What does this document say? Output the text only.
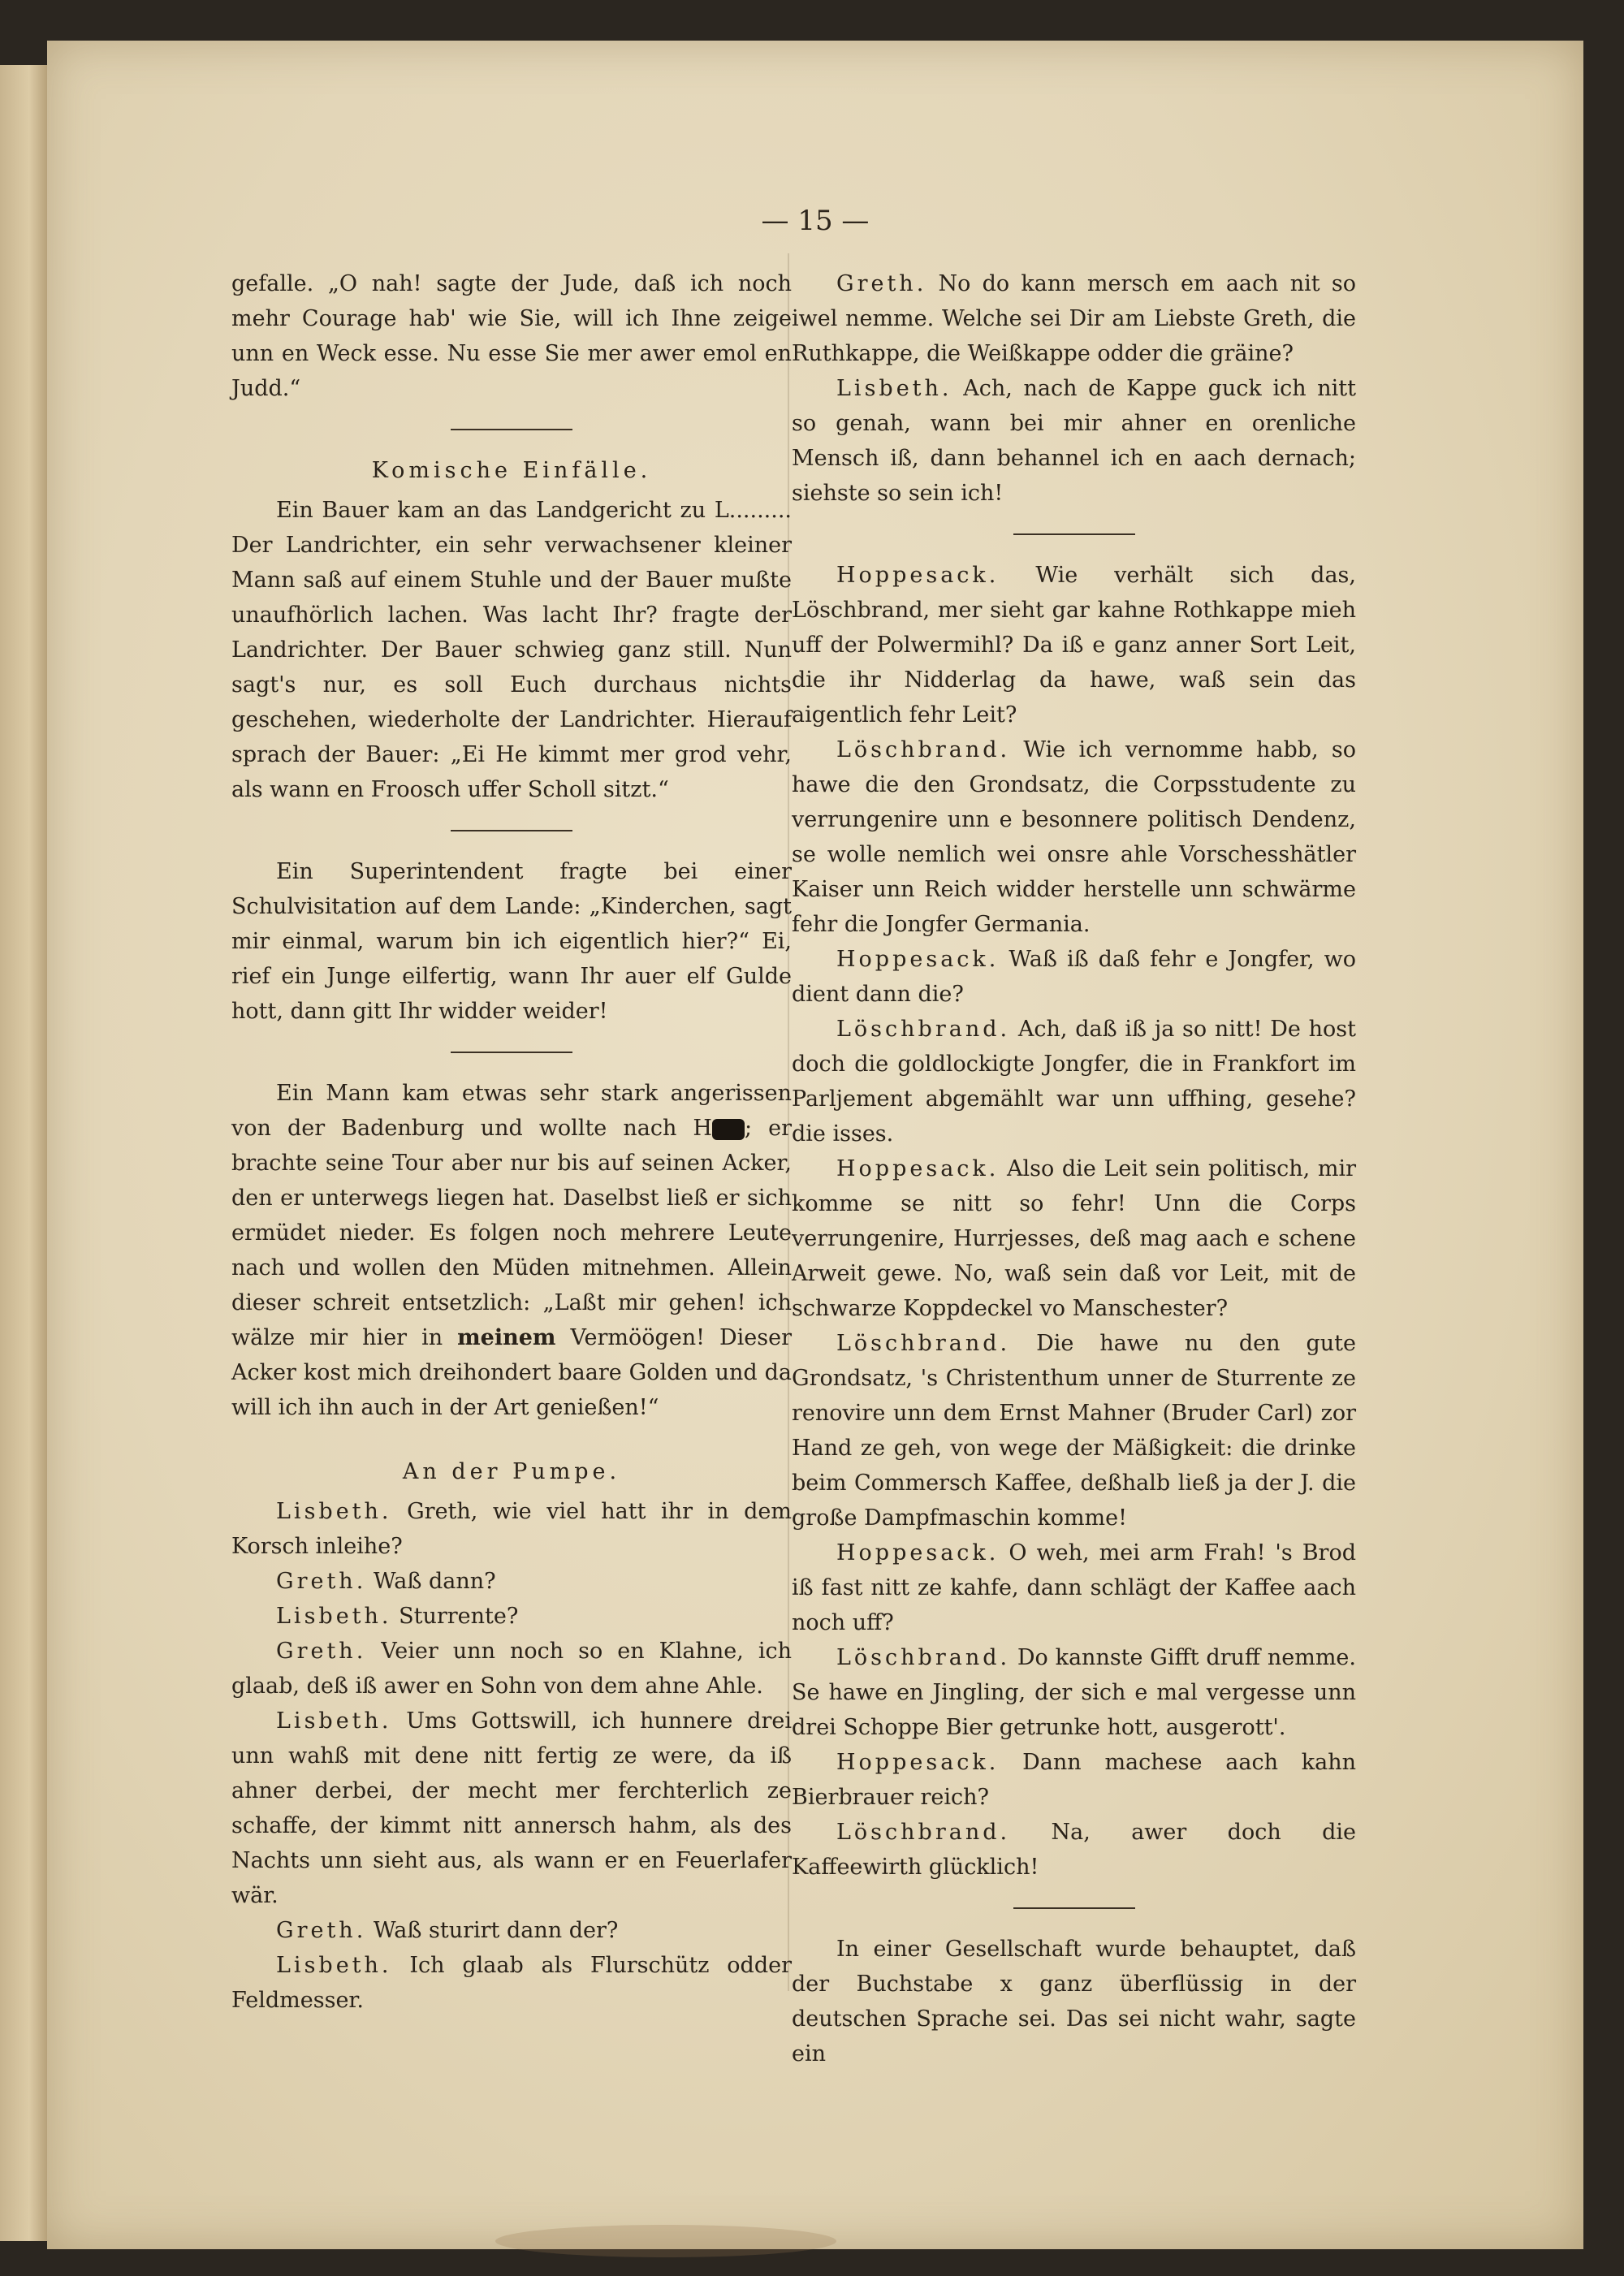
— 15 —

gefalle. „O nah! sagte der Jude, daß ich noch mehr Courage hab' wie Sie, will ich Ihne zeige unn en Weck esse. Nu esse Sie mer awer emol en Judd.“

Komische Einfälle.

Ein Bauer kam an das Landgericht zu L......... Der Landrichter, ein sehr verwachsener kleiner Mann saß auf einem Stuhle und der Bauer mußte unaufhörlich lachen. Was lacht Ihr? fragte der Landrichter. Der Bauer schwieg ganz still. Nun sagt's nur, es soll Euch durchaus nichts geschehen, wiederholte der Landrichter. Hierauf sprach der Bauer: „Ei He kimmt mer grod vehr, als wann en Froosch uffer Scholl sitzt.“

Ein Superintendent fragte bei einer Schulvisitation auf dem Lande: „Kinderchen, sagt mir einmal, warum bin ich eigentlich hier?“ Ei, rief ein Junge eilfertig, wann Ihr auer elf Gulde hott, dann gitt Ihr widder weider!

Ein Mann kam etwas sehr stark angerissen von der Badenburg und wollte nach H ; er brachte seine Tour aber nur bis auf seinen Acker, den er unterwegs liegen hat. Daselbst ließ er sich ermüdet nieder. Es folgen noch mehrere Leute nach und wollen den Müden mitnehmen. Allein dieser schreit entsetzlich: „Laßt mir gehen! ich wälze mir hier in meinem Vermöögen! Dieser Acker kost mich dreihondert baare Golden und da will ich ihn auch in der Art genießen!“

An der Pumpe.

Lisbeth. Greth, wie viel hatt ihr in dem Korsch inleihe?

Greth. Waß dann?

Lisbeth. Sturrente?

Greth. Veier unn noch so en Klahne, ich glaab, deß iß awer en Sohn von dem ahne Ahle.

Lisbeth. Ums Gottswill, ich hunnere drei unn wahß mit dene nitt fertig ze were, da iß ahner derbei, der mecht mer ferchterlich ze schaffe, der kimmt nitt annersch hahm, als des Nachts unn sieht aus, als wann er en Feuerlafer wär.

Greth. Waß sturirt dann der?

Lisbeth. Ich glaab als Flurschütz odder Feldmesser.

Greth. No do kann mersch em aach nit so iwel nemme. Welche sei Dir am Liebste Greth, die Ruthkappe, die Weißkappe odder die gräine?

Lisbeth. Ach, nach de Kappe guck ich nitt so genah, wann bei mir ahner en orenliche Mensch iß, dann behannel ich en aach dernach; siehste so sein ich!

Hoppesack. Wie verhält sich das, Löschbrand, mer sieht gar kahne Rothkappe mieh uff der Polwermihl? Da iß e ganz anner Sort Leit, die ihr Nidderlag da hawe, waß sein das aigentlich fehr Leit?

Löschbrand. Wie ich vernomme habb, so hawe die den Grondsatz, die Corpsstudente zu verrungenire unn e besonnere politisch Dendenz, se wolle nemlich wei onsre ahle Vorschesshätler Kaiser unn Reich widder herstelle unn schwärme fehr die Jongfer Germania.

Hoppesack. Waß iß daß fehr e Jongfer, wo dient dann die?

Löschbrand. Ach, daß iß ja so nitt! De host doch die goldlockigte Jongfer, die in Frankfort im Parljement abgemählt war unn uffhing, gesehe? die isses.

Hoppesack. Also die Leit sein politisch, mir komme se nitt so fehr! Unn die Corps verrungenire, Hurrjesses, deß mag aach e schene Arweit gewe. No, waß sein daß vor Leit, mit de schwarze Koppdeckel vo Manschester?

Löschbrand. Die hawe nu den gute Grondsatz, 's Christenthum unner de Sturrente ze renovire unn dem Ernst Mahner (Bruder Carl) zor Hand ze geh, von wege der Mäßigkeit: die drinke beim Commersch Kaffee, deßhalb ließ ja der J. die große Dampfmaschin komme!

Hoppesack. O weh, mei arm Frah! 's Brod iß fast nitt ze kahfe, dann schlägt der Kaffee aach noch uff?

Löschbrand. Do kannste Gifft druff nemme. Se hawe en Jingling, der sich e mal vergesse unn drei Schoppe Bier getrunke hott, ausgerott'.

Hoppesack. Dann machese aach kahn Bierbrauer reich?

Löschbrand. Na, awer doch die Kaffeewirth glücklich!

In einer Gesellschaft wurde behauptet, daß der Buchstabe x ganz überflüssig in der deutschen Sprache sei. Das sei nicht wahr, sagte ein
